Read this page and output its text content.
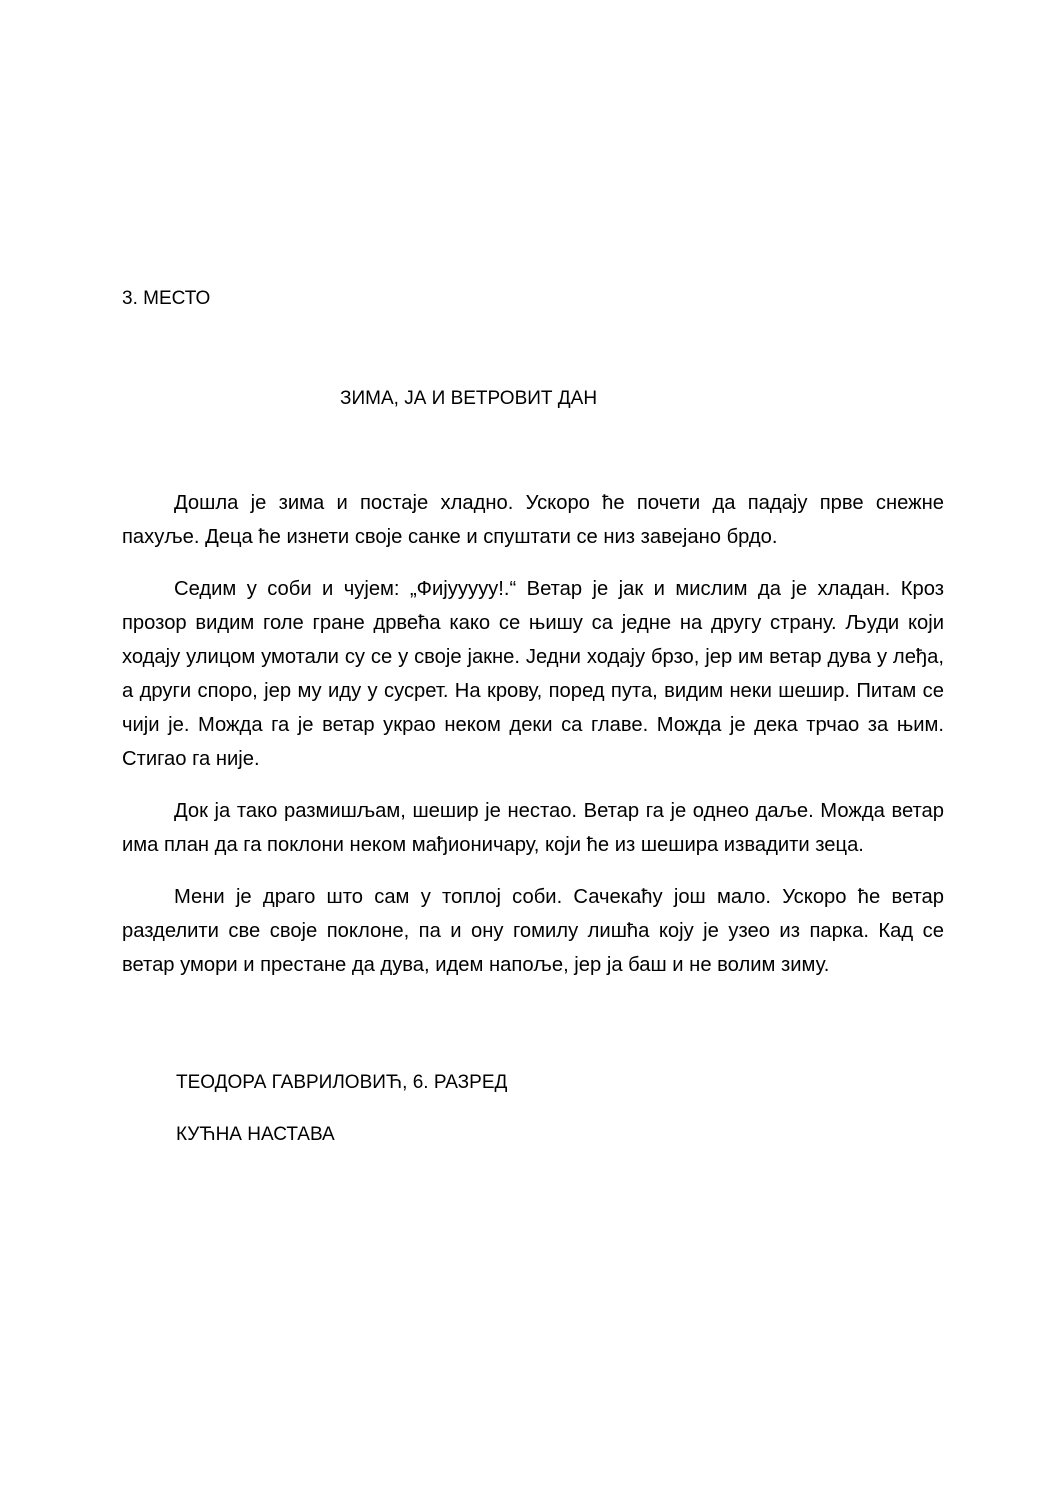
3. МЕСТО
ЗИМА, ЈА И ВЕТРОВИТ ДАН

Дошла је зима и постаје хладно. Ускоро ће почети да падају прве снежне пахуље. Деца ће изнети своје санке и спуштати се низ завејано брдо.

Седим у соби и чујем: „Фијууууу!.“ Ветар је јак и мислим да је хладан. Кроз прозор видим голе гране дрвећа како се њишу са једне на другу страну. Људи који ходају улицом умотали су се у своје јакне. Једни ходају брзо, јер им ветар дува у леђа, а други споро, јер му иду у сусрет. На крову, поред пута, видим неки шешир. Питам се чији је. Можда га је ветар украо неком деки са главе. Можда је дека трчао за њим. Стигао га није.

Док ја тако размишљам, шешир је нестао. Ветар га је однео даље. Можда ветар има план да га поклони неком мађионичару, који ће из шешира извадити зеца.

Мени је драго што сам у топлој соби. Сачекаћу још мало. Ускоро ће ветар разделити све своје поклоне, па и ону гомилу лишћа коју је узео из парка. Кад се ветар умори и престане да дува, идем напоље, јер ја баш и не волим зиму.

ТЕОДОРА ГАВРИЛОВИЋ, 6. РАЗРЕД
КУЋНА НАСТАВА
